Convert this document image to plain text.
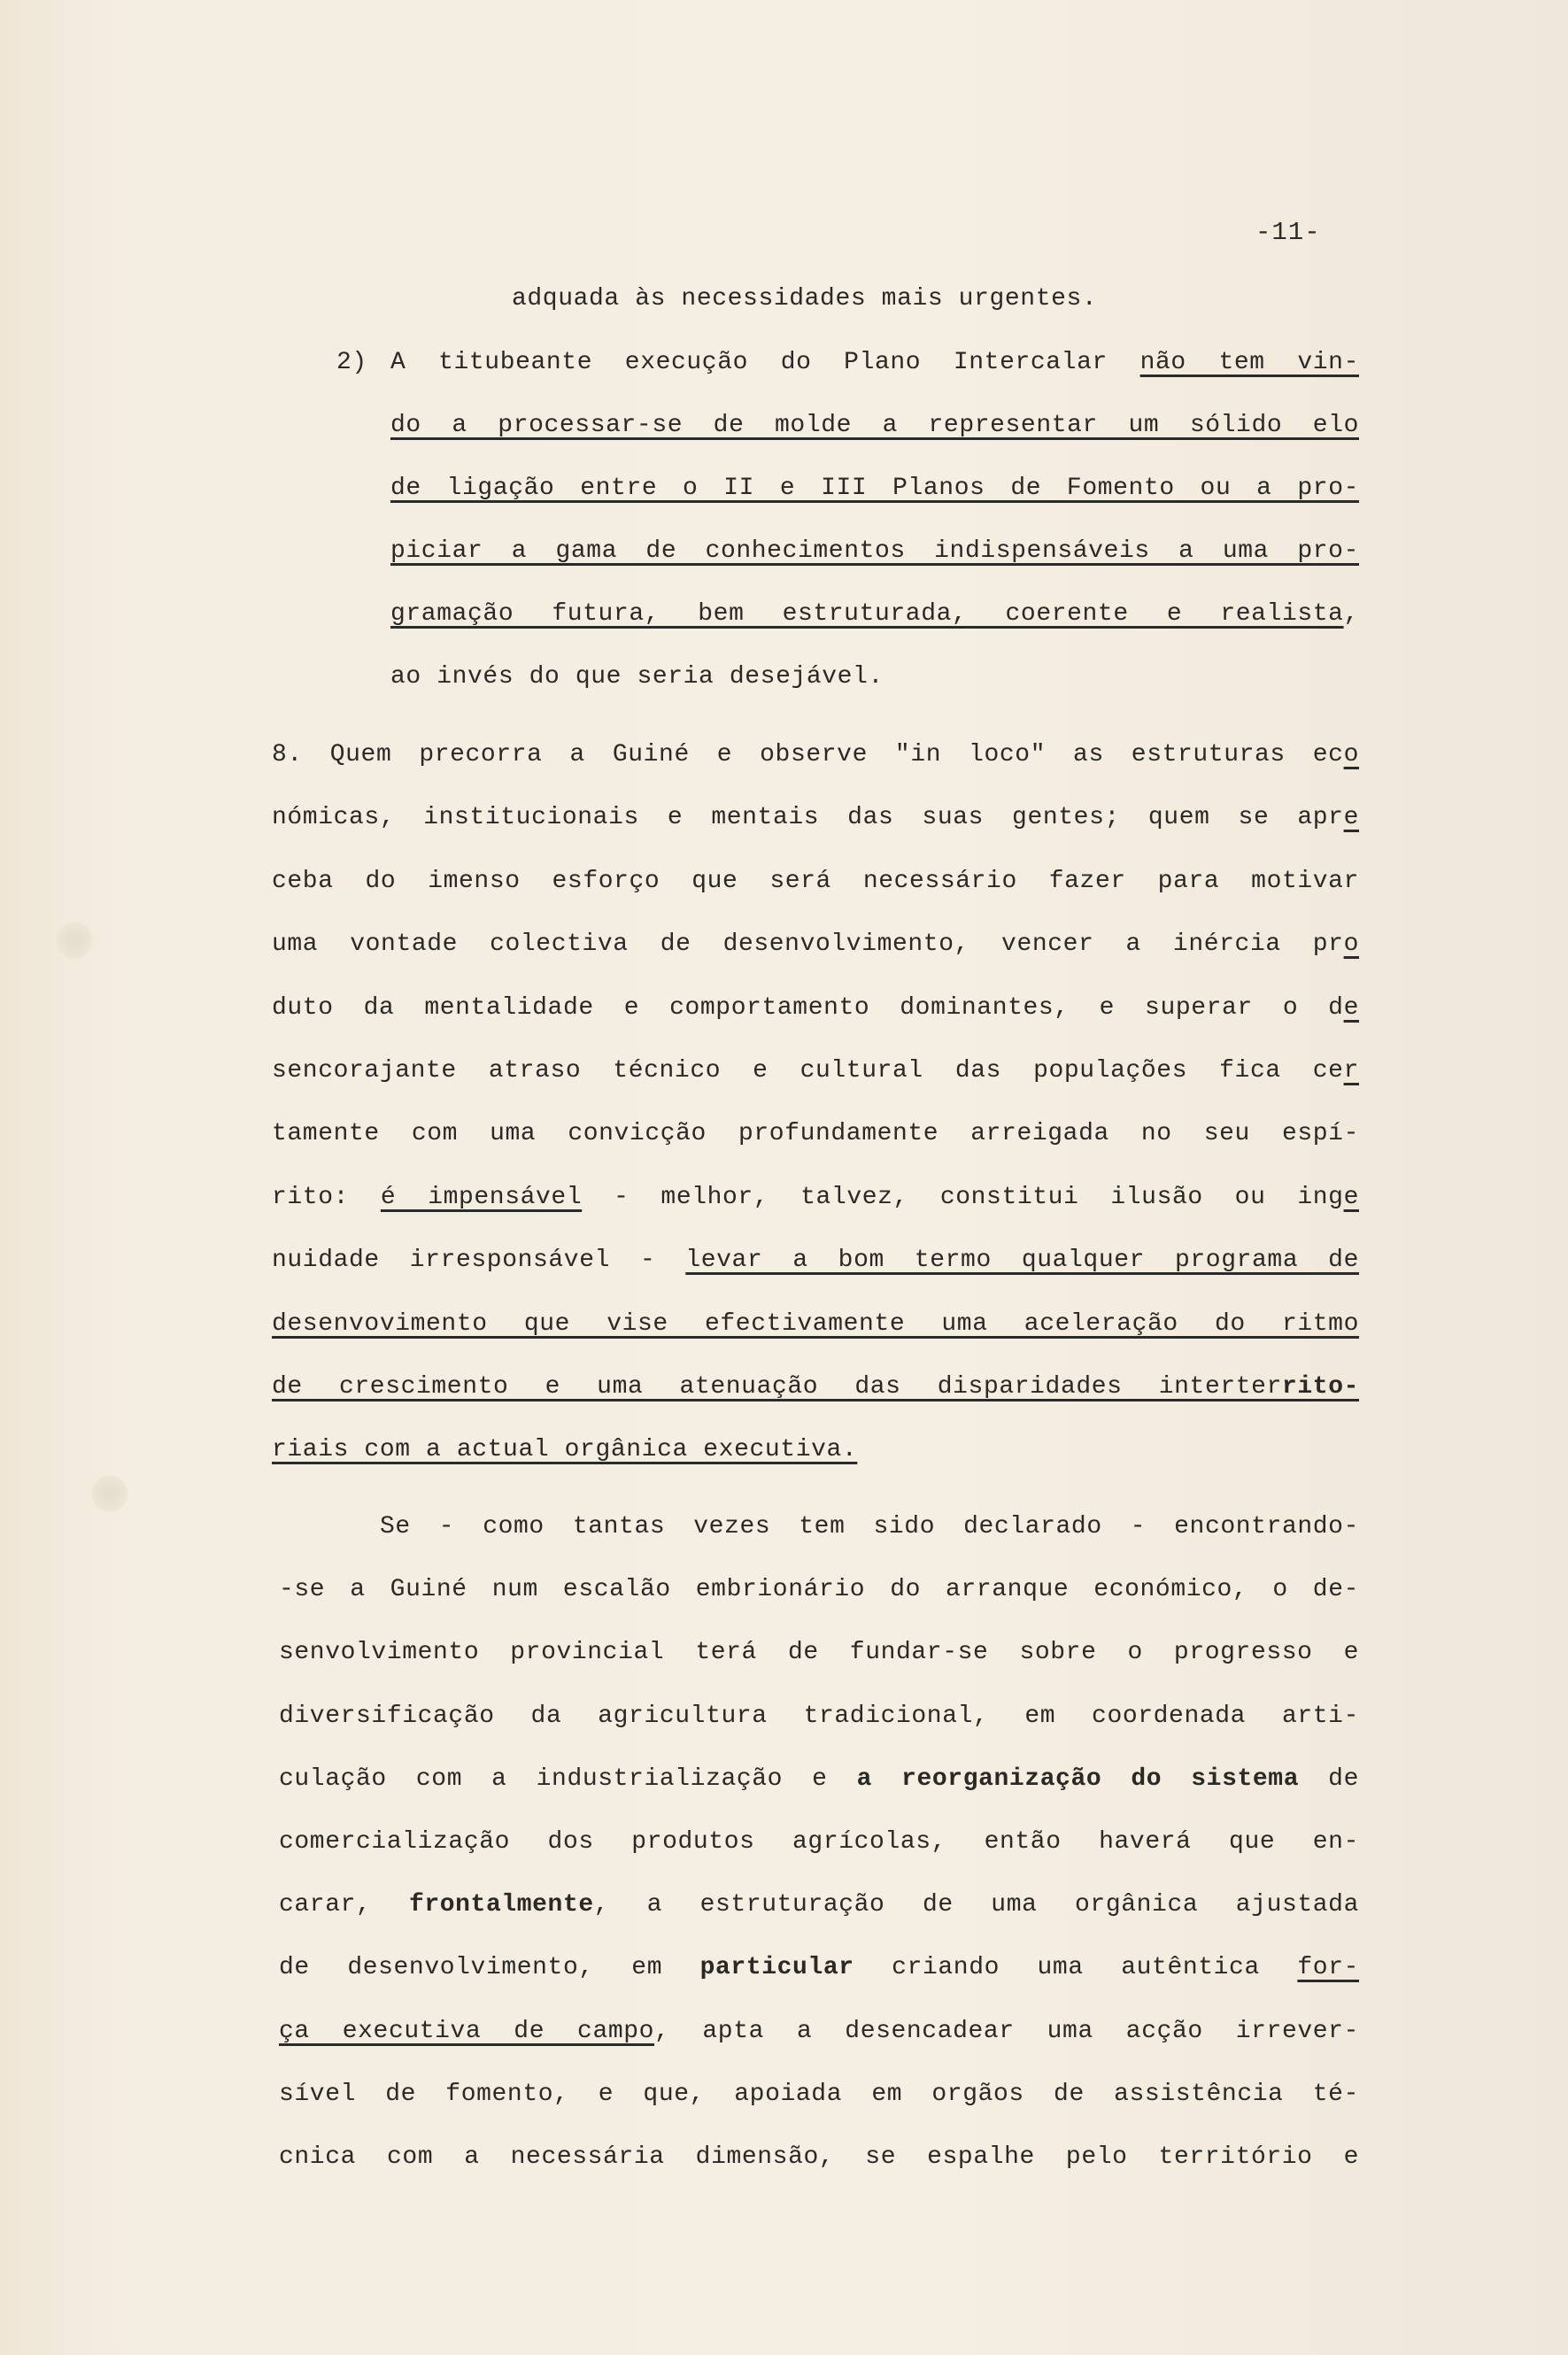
-11-
adquada às necessidades mais urgentes.
2) A titubeante execução do Plano Intercalar não tem vin-
do a processar-se de molde a representar um sólido elo
de ligação entre o II e III Planos de Fomento ou a pro-
piciar a gama de conhecimentos indispensáveis a uma pro-
gramação futura, bem estruturada, coerente e realista,
ao invés do que seria desejável.
8. Quem precorra a Guiné e observe "in loco" as estruturas eco
nómicas, institucionais e mentais das suas gentes; quem se apre
ceba do imenso esforço que será necessário fazer para motivar
uma vontade colectiva de desenvolvimento, vencer a inércia pro
duto da mentalidade e comportamento dominantes, e superar o de
sencorajante atraso técnico e cultural das populações fica cer
tamente com uma convicção profundamente arreigada no seu espí-
rito: é impensável - melhor, talvez, constitui ilusão ou inge
nuidade irresponsável - levar a bom termo qualquer programa de
desenvovimento que vise efectivamente uma aceleração do ritmo
de crescimento e uma atenuação das disparidades interterrito-
riais com a actual orgânica executiva.
Se - como tantas vezes tem sido declarado - encontrando-
-se a Guiné num escalão embrionário do arranque económico, o de-
senvolvimento provincial terá de fundar-se sobre o progresso e
diversificação da agricultura tradicional, em coordenada arti-
culação com a industrialização e a reorganização do sistema de
comercialização dos produtos agrícolas, então haverá que en-
carar, frontalmente, a estruturação de uma orgânica ajustada
de desenvolvimento, em particular criando uma autêntica for-
ça executiva de campo, apta a desencadear uma acção irrever-
sível de fomento, e que, apoiada em orgãos de assistência té-
cnica com a necessária dimensão, se espalhe pelo território e
